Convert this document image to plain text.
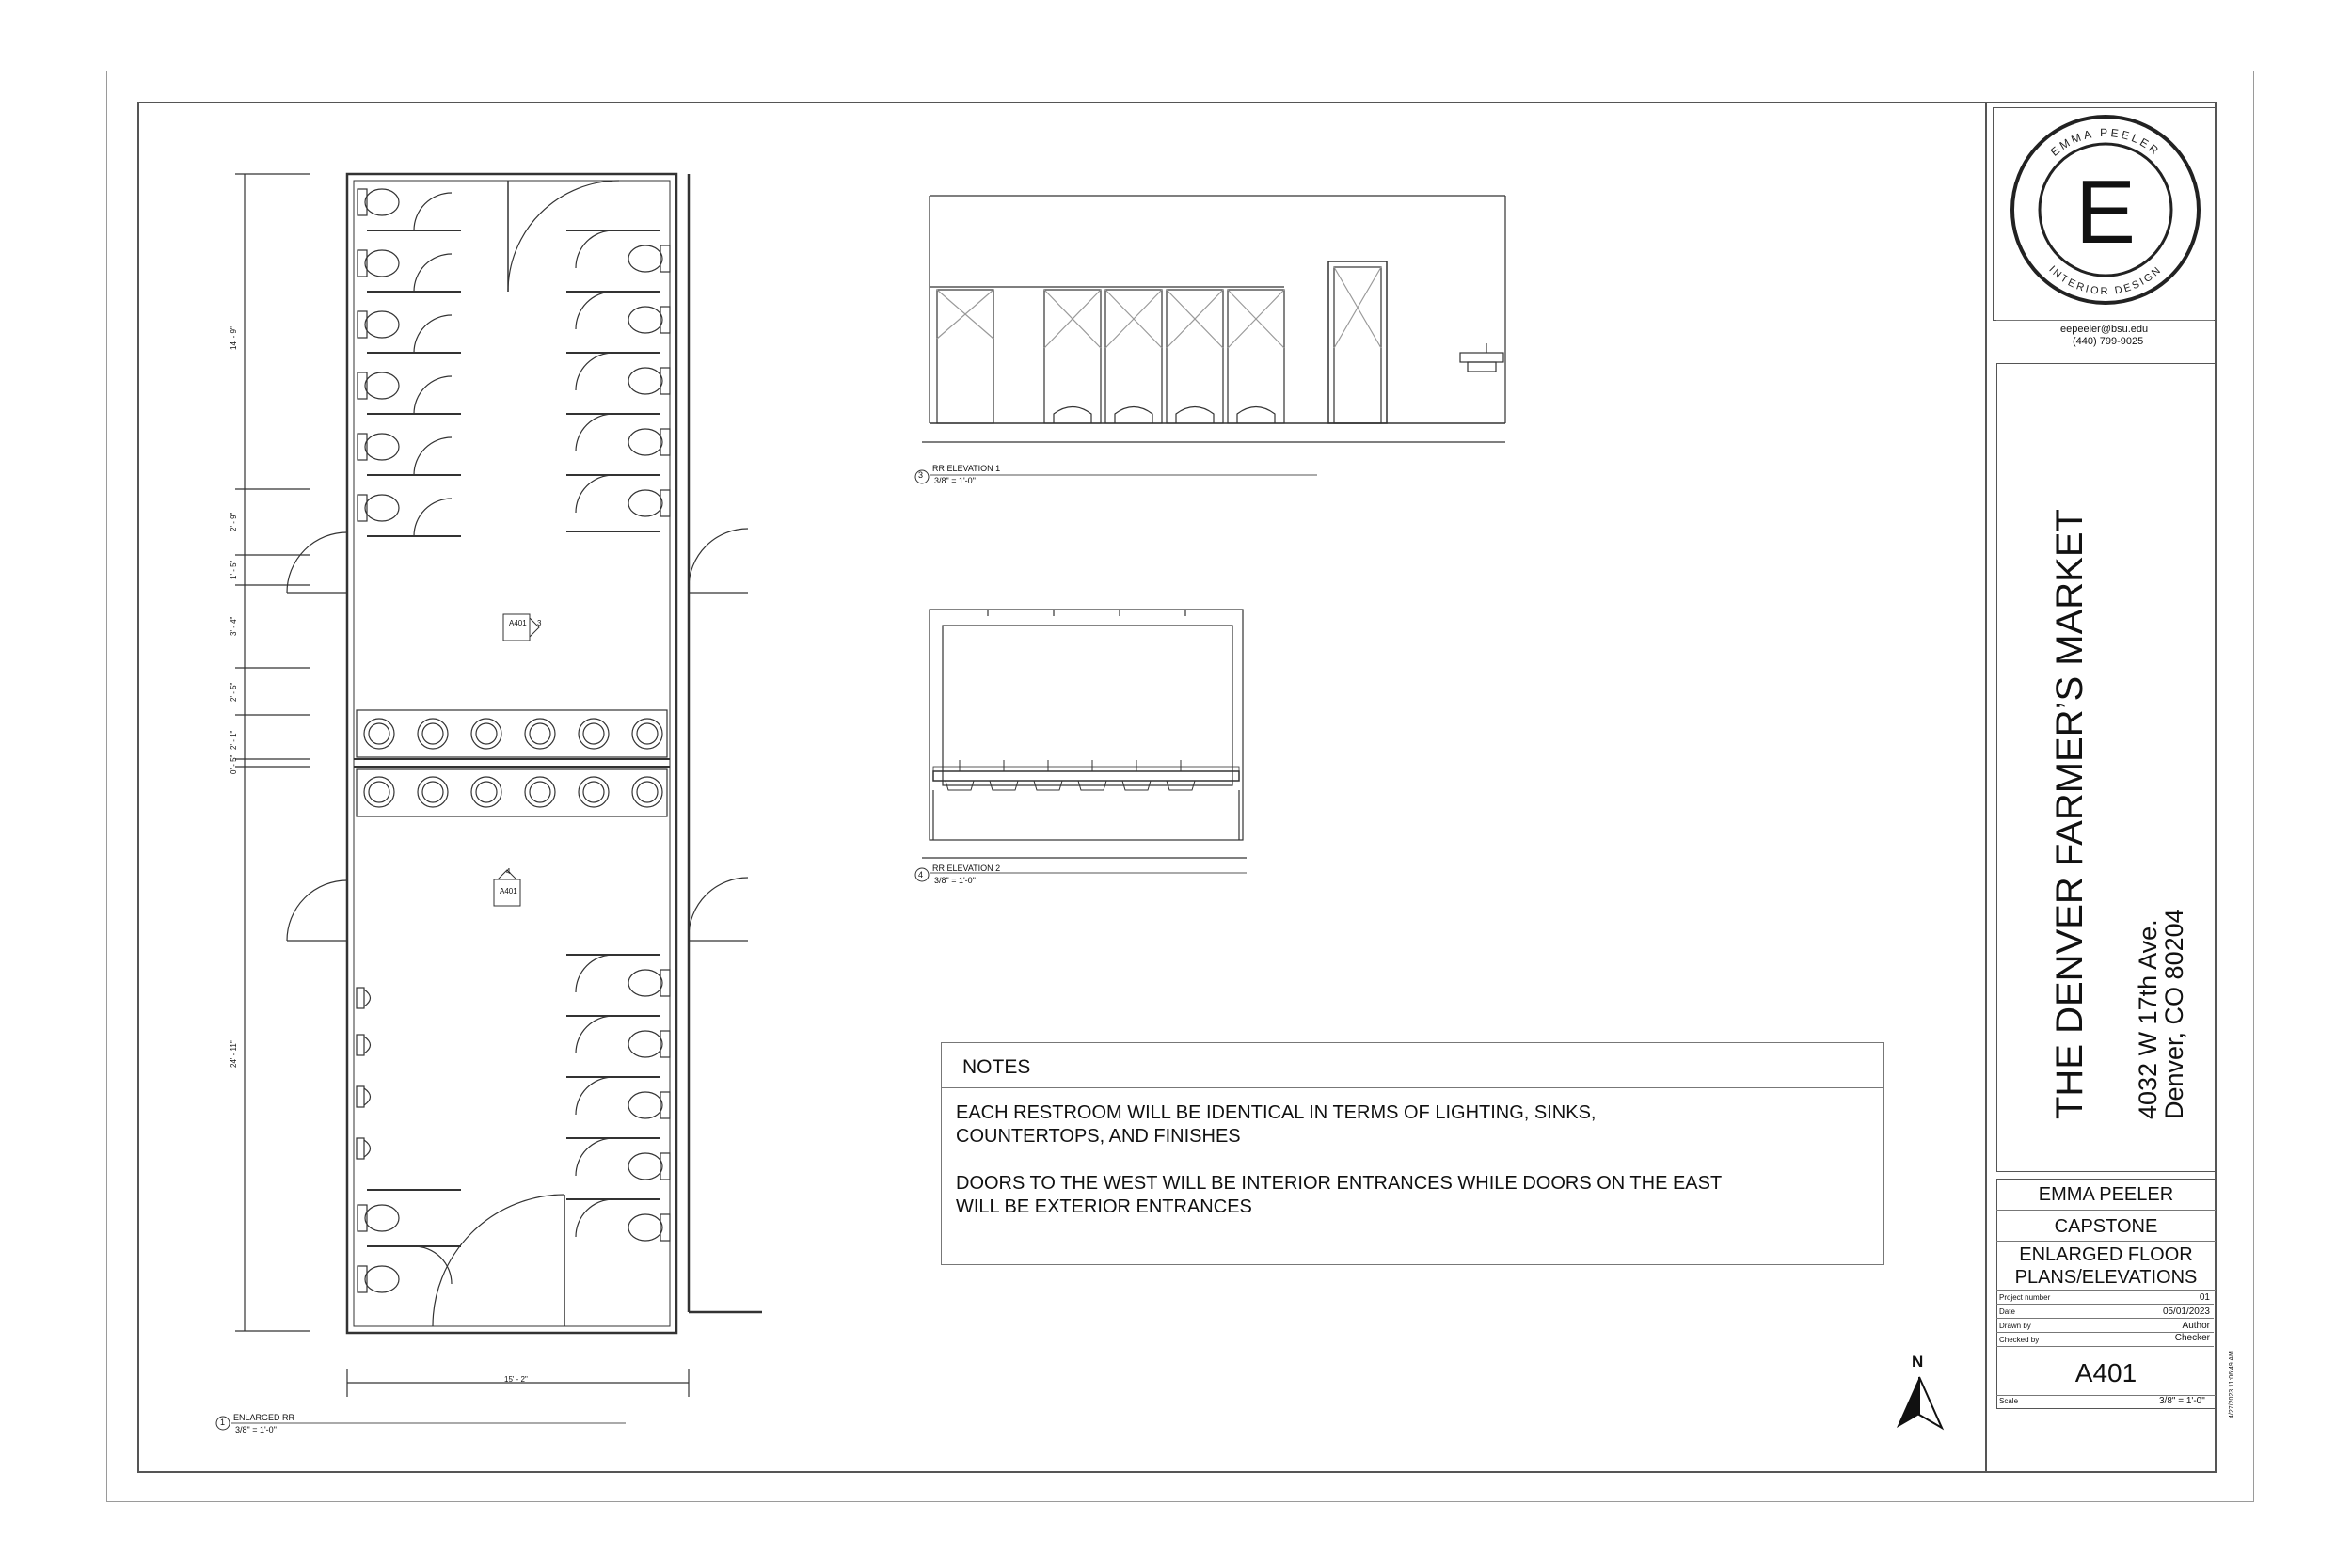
A401 3
4
A401
14' - 9"
2' - 9"
1' - 5"
3' - 4"
2' - 5"
2' - 1"
0' - 5"
24' - 11"
15' - 2"
1 ENLARGED RR
3/8" = 1'-0"
3
RR ELEVATION 1
3/8" = 1'-0"
4
RR ELEVATION 2
3/8" = 1'-0"
NOTES
EACH RESTROOM WILL BE IDENTICAL IN TERMS OF LIGHTING, SINKS,
COUNTERTOPS, AND FINISHES
DOORS TO THE WEST WILL BE INTERIOR ENTRANCES WHILE DOORS ON THE EAST
WILL BE EXTERIOR ENTRANCES
N
EMMA PEELER
INTERIOR DESIGN
E
eepeeler@bsu.edu
(440) 799-9025
THE DENVER FARMER’S MARKET 4032 W 17th Ave.
Denver, CO 80204
EMMA PEELER
CAPSTONE
ENLARGED FLOOR
PLANS/ELEVATIONS
Project number	01
Date	05/01/2023
Drawn by	Author
Checked by	Checker
A401
Scale	3/8" = 1'-0"	4/27/2023 11:06:49 AM
